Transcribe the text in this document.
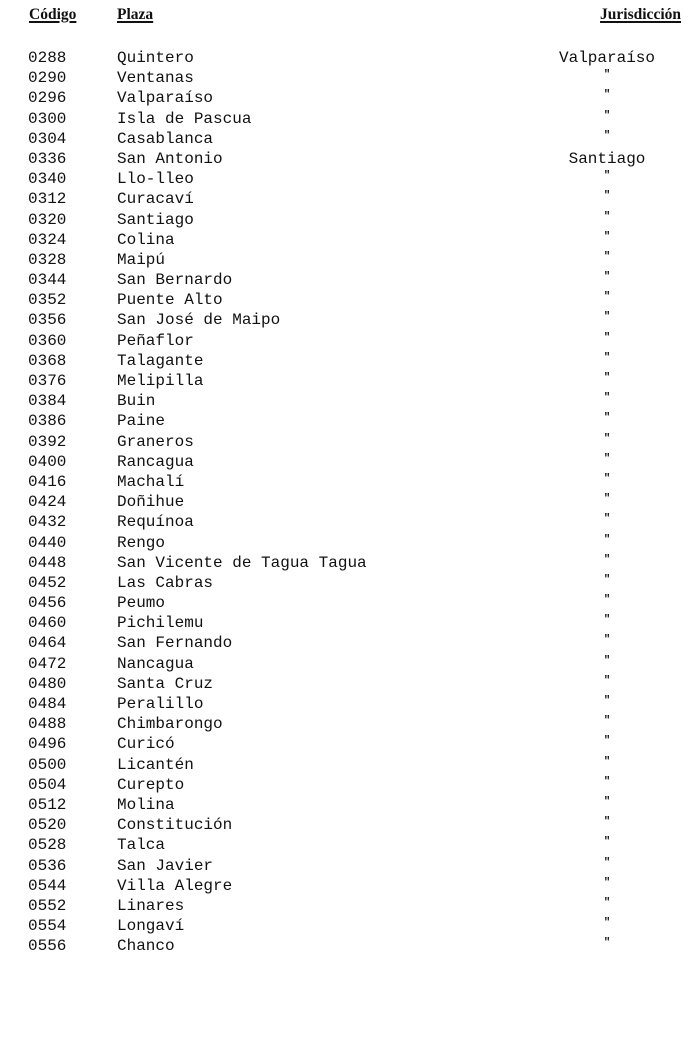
Código	Plaza	Jurisdicción
0288	Quintero	Valparaíso
0290	Ventanas	"
0296	Valparaíso	"
0300	Isla de Pascua	"
0304	Casablanca	"
0336	San Antonio	Santiago
0340	Llo-lleo	"
0312	Curacaví	"
0320	Santiago	"
0324	Colina	"
0328	Maipú	"
0344	San Bernardo	"
0352	Puente Alto	"
0356	San José de Maipo	"
0360	Peñaflor	"
0368	Talagante	"
0376	Melipilla	"
0384	Buin	"
0386	Paine	"
0392	Graneros	"
0400	Rancagua	"
0416	Machalí	"
0424	Doñihue	"
0432	Requínoa	"
0440	Rengo	"
0448	San Vicente de Tagua Tagua	"
0452	Las Cabras	"
0456	Peumo	"
0460	Pichilemu	"
0464	San Fernando	"
0472	Nancagua	"
0480	Santa Cruz	"
0484	Peralillo	"
0488	Chimbarongo	"
0496	Curicó	"
0500	Licantén	"
0504	Curepto	"
0512	Molina	"
0520	Constitución	"
0528	Talca	"
0536	San Javier	"
0544	Villa Alegre	"
0552	Linares	"
0554	Longaví	"
0556	Chanco	"
